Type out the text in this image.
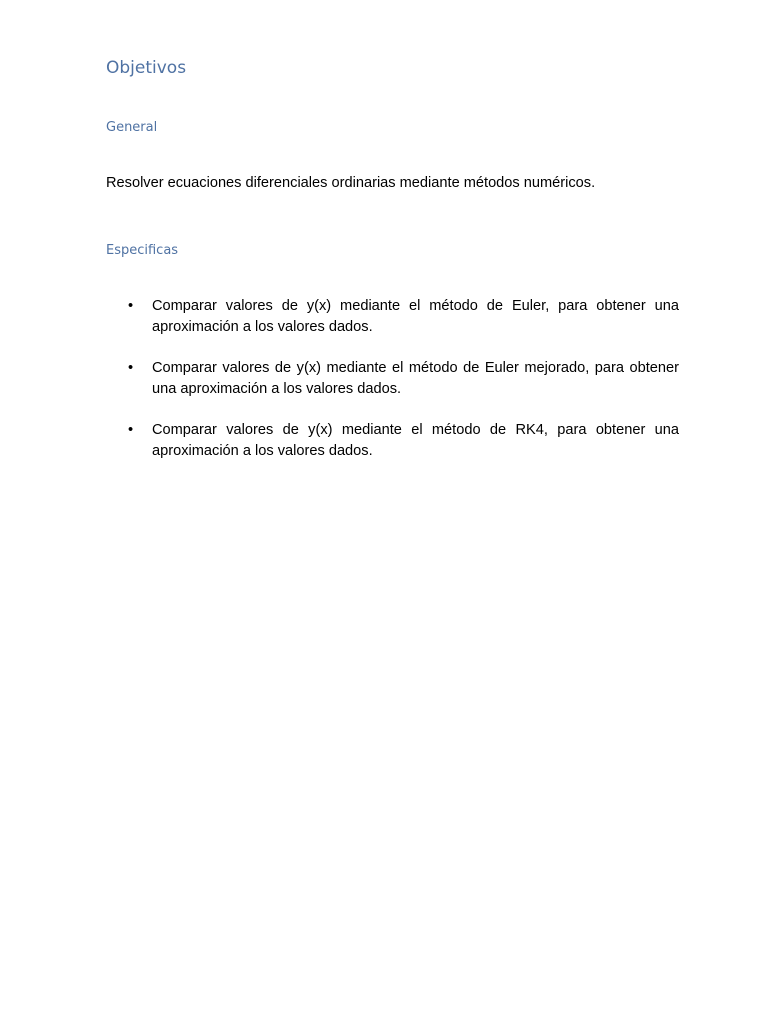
Objetivos
General

Resolver ecuaciones diferenciales ordinarias mediante métodos numéricos.

Especificas
• Comparar valores de y(x) mediante el método de Euler, para obtener una aproximación a los valores dados.
• Comparar valores de y(x) mediante el método de Euler mejorado, para obtener una aproximación a los valores dados.
• Comparar valores de y(x) mediante el método de RK4, para obtener una aproximación a los valores dados.
